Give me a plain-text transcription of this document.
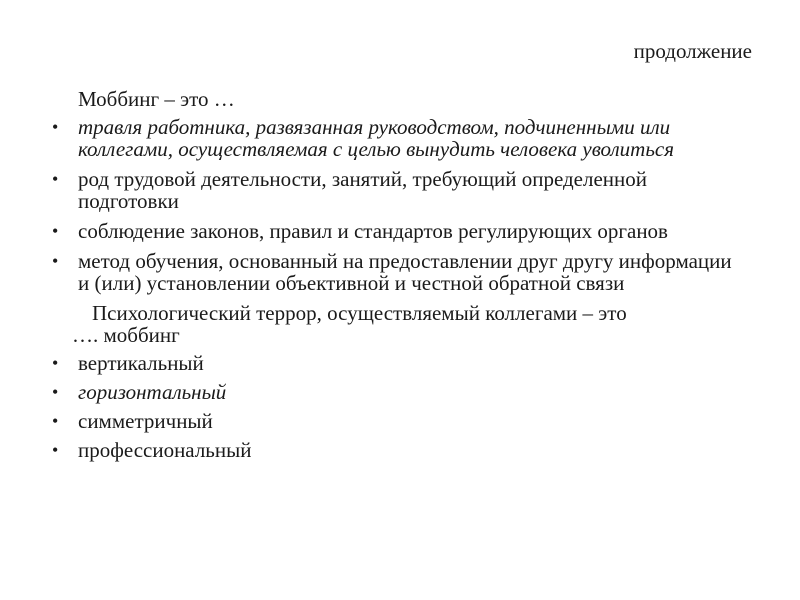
продолжение
Моббинг – это …
• травля работника, развязанная руководством, подчиненными или коллегами, осуществляемая с целью вынудить человека уволиться
• род трудовой деятельности, занятий, требующий определенной подготовки
• соблюдение законов, правил и стандартов регулирующих органов
• метод обучения, основанный на предоставлении друг другу информации и (или) установлении объективной и честной обратной связи
Психологический террор, осуществляемый коллегами – это
…. моббинг
• вертикальный
• горизонтальный
• симметричный
• профессиональный
